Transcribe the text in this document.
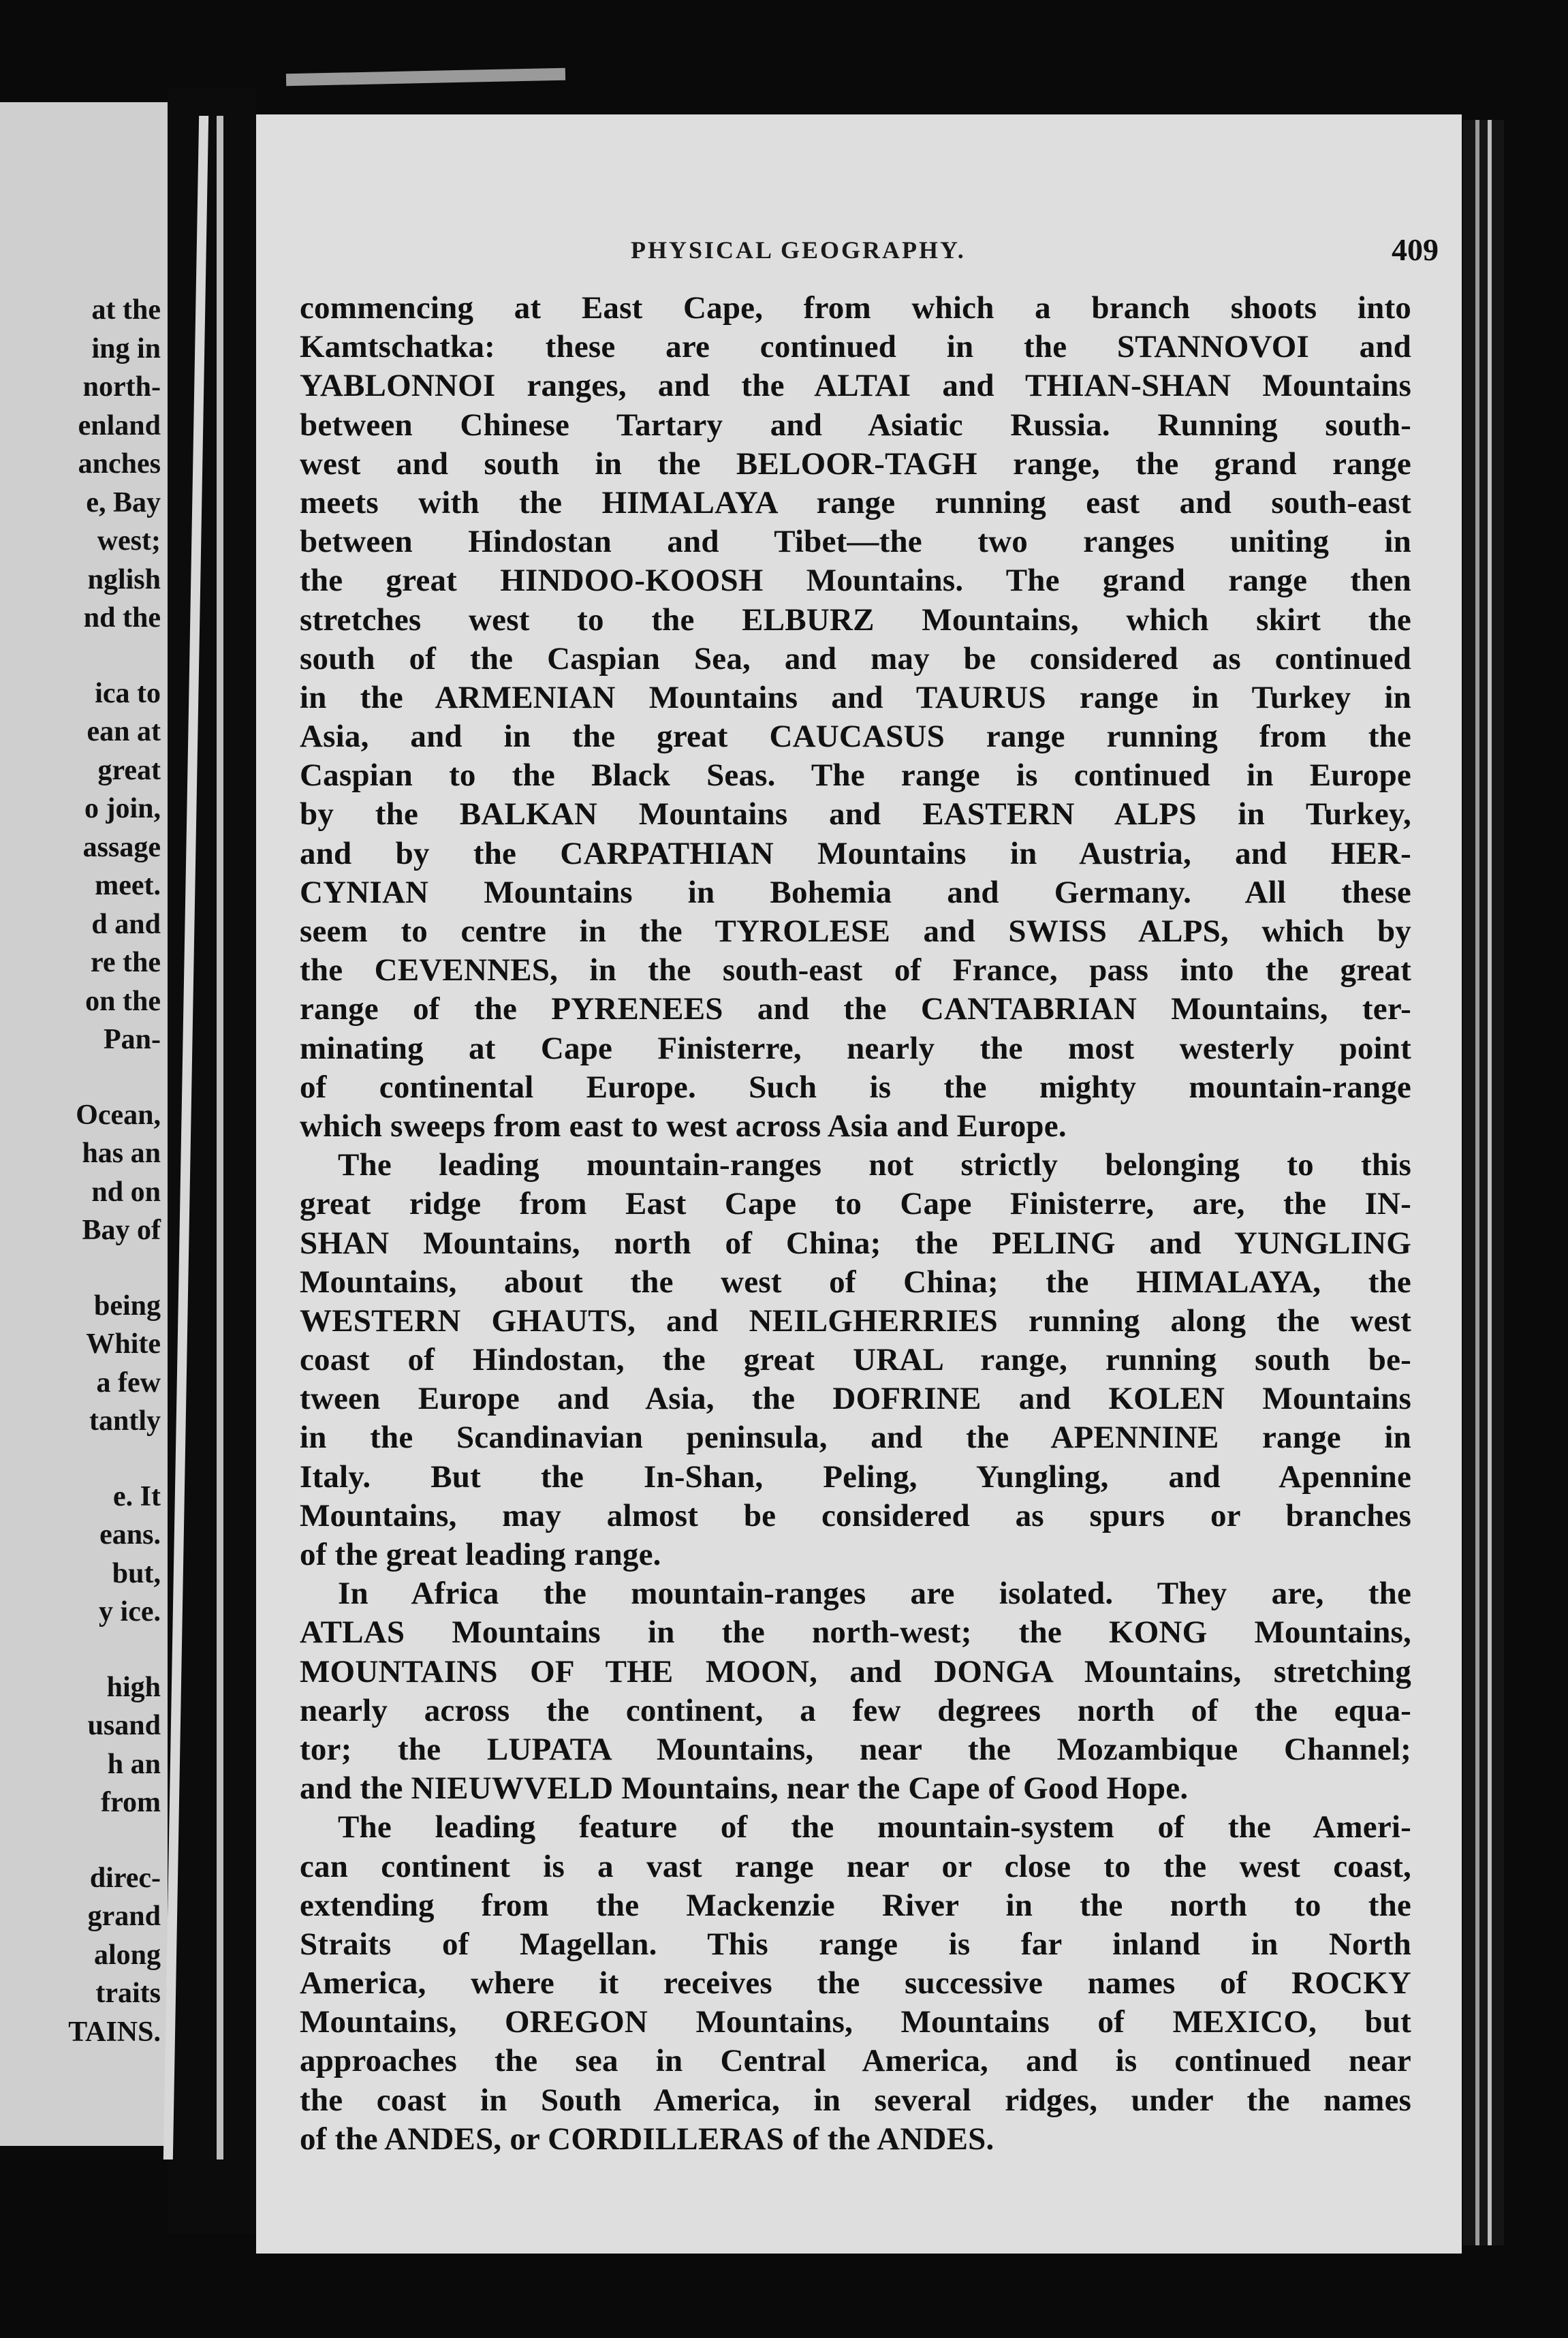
at the
ing in
north-
enland
anches
e, Bay
west;
nglish
nd the
ica to
ean at
great
o join,
assage
meet.
d and
re the
on the
Pan-
Ocean,
has an
nd on
Bay of
being
White
a few
tantly
e. It
eans.
but,
y ice.
high
usand
h an
from
direc-
grand
along
traits
TAINS.
PHYSICAL GEOGRAPHY.	409
commencing at East Cape, from which a branch shoots into
Kamtschatka: these are continued in the STANNOVOI and
YABLONNOI ranges, and the ALTAI and THIAN-SHAN Mountains
between Chinese Tartary and Asiatic Russia. Running south-
west and south in the BELOOR-TAGH range, the grand range
meets with the HIMALAYA range running east and south-east
between Hindostan and Tibet—the two ranges uniting in
the great HINDOO-KOOSH Mountains. The grand range then
stretches west to the ELBURZ Mountains, which skirt the
south of the Caspian Sea, and may be considered as continued
in the ARMENIAN Mountains and TAURUS range in Turkey in
Asia, and in the great CAUCASUS range running from the
Caspian to the Black Seas. The range is continued in Europe
by the BALKAN Mountains and EASTERN ALPS in Turkey,
and by the CARPATHIAN Mountains in Austria, and HER-
CYNIAN Mountains in Bohemia and Germany. All these
seem to centre in the TYROLESE and SWISS ALPS, which by
the CEVENNES, in the south-east of France, pass into the great
range of the PYRENEES and the CANTABRIAN Mountains, ter-
minating at Cape Finisterre, nearly the most westerly point
of continental Europe. Such is the mighty mountain-range
which sweeps from east to west across Asia and Europe.
The leading mountain-ranges not strictly belonging to this
great ridge from East Cape to Cape Finisterre, are, the IN-
SHAN Mountains, north of China; the PELING and YUNGLING
Mountains, about the west of China; the HIMALAYA, the
WESTERN GHAUTS, and NEILGHERRIES running along the west
coast of Hindostan, the great URAL range, running south be-
tween Europe and Asia, the DOFRINE and KOLEN Mountains
in the Scandinavian peninsula, and the APENNINE range in
Italy. But the In-Shan, Peling, Yungling, and Apennine
Mountains, may almost be considered as spurs or branches
of the great leading range.
In Africa the mountain-ranges are isolated. They are, the
ATLAS Mountains in the north-west; the KONG Mountains,
MOUNTAINS OF THE MOON, and DONGA Mountains, stretching
nearly across the continent, a few degrees north of the equa-
tor; the LUPATA Mountains, near the Mozambique Channel;
and the NIEUWVELD Mountains, near the Cape of Good Hope.
The leading feature of the mountain-system of the Ameri-
can continent is a vast range near or close to the west coast,
extending from the Mackenzie River in the north to the
Straits of Magellan. This range is far inland in North
America, where it receives the successive names of ROCKY
Mountains, OREGON Mountains, Mountains of MEXICO, but
approaches the sea in Central America, and is continued near
the coast in South America, in several ridges, under the names
of the ANDES, or CORDILLERAS of the ANDES.
